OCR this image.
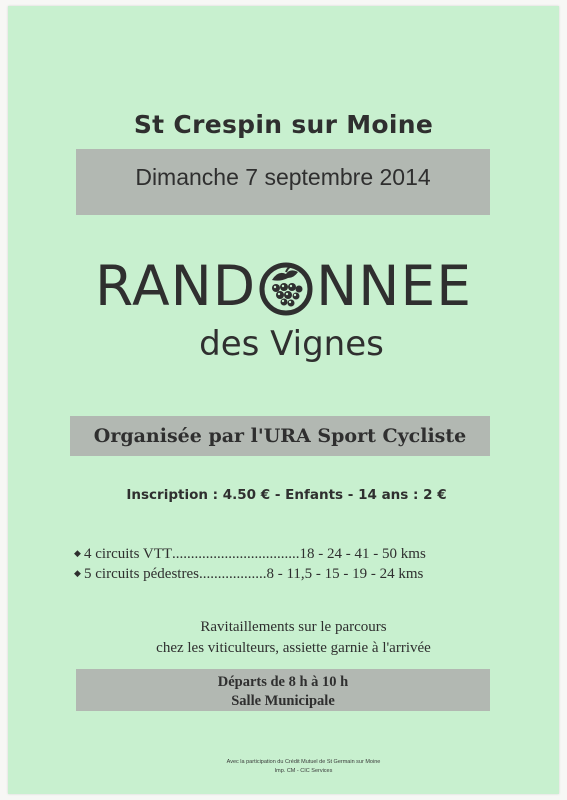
St Crespin sur Moine
Dimanche 7 septembre 2014
RAND NNEE
des Vignes
Organisée par l'URA Sport Cycliste
Inscription : 4.50 € - Enfants - 14 ans : 2 €
◆ 4 circuits VTT .................................. 18 - 24 - 41 - 50 kms
◆ 5 circuits pédestres .................. 8 - 11,5 - 15 - 19 - 24 kms
Ravitaillements sur le parcours
chez les viticulteurs, assiette garnie à l'arrivée
Départs de 8 h à 10 h
Salle Municipale
Avec la participation du Crédit Mutuel de St Germain sur Moine
Imp. CM - CIC Services
